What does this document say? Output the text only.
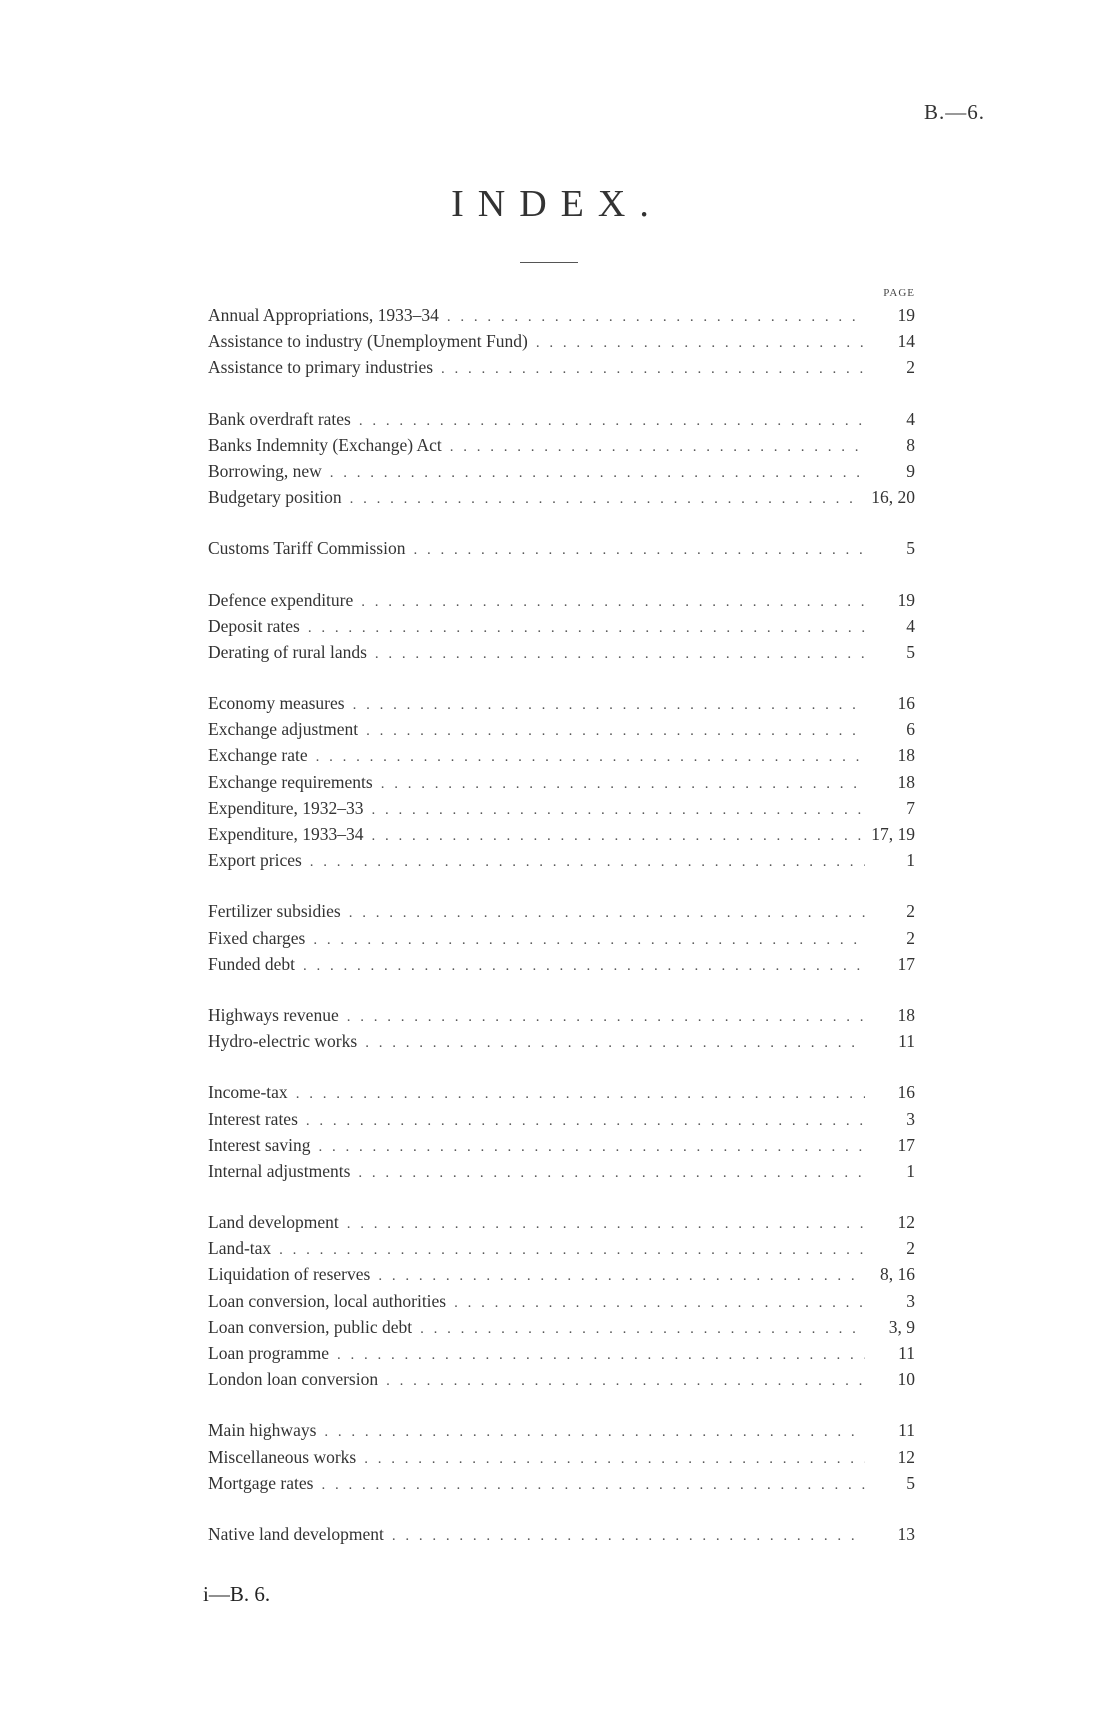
B.—6.
INDEX.
PAGE
Annual Appropriations, 1933–34 . . .	19
Assistance to industry (Unemployment Fund) . . .	14
Assistance to primary industries . . .	2
Bank overdraft rates . . .	4
Banks Indemnity (Exchange) Act . . .	8
Borrowing, new . . .	9
Budgetary position . . .	16, 20
Customs Tariff Commission . . .	5
Defence expenditure . . .	19
Deposit rates . . .	4
Derating of rural lands . . .	5
Economy measures . . .	16
Exchange adjustment . . .	6
Exchange rate . . .	18
Exchange requirements . . .	18
Expenditure, 1932–33 . . .	7
Expenditure, 1933–34 . . .	17, 19
Export prices . . .	1
Fertilizer subsidies . . .	2
Fixed charges . . .	2
Funded debt . . .	17
Highways revenue . . .	18
Hydro-electric works . . .	11
Income-tax . . .	16
Interest rates . . .	3
Interest saving . . .	17
Internal adjustments . . .	1
Land development . . .	12
Land-tax . . .	2
Liquidation of reserves . . .	8, 16
Loan conversion, local authorities . . .	3
Loan conversion, public debt . . .	3, 9
Loan programme . . .	11
London loan conversion . . .	10
Main highways . . .	11
Miscellaneous works . . .	12
Mortgage rates . . .	5
Native land development . . .	13
i—B. 6.
